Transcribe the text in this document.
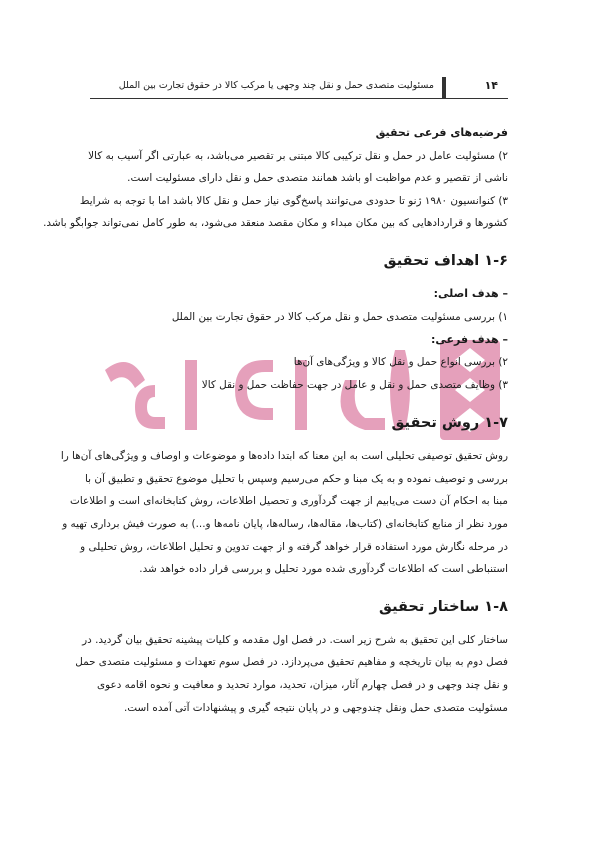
مسئولیت متصدی حمل و نقل چند وجهی یا مرکب کالا در حقوق تجارت بین الملل	۱۴
فرضیه‌های فرعی تحقیق
۲) مسئولیت عامل در حمل و نقل ترکیبی کالا مبتنی بر تقصیر می‌باشد، به عبارتی اگر آسیب به کالا
ناشی از تقصیر و عدم مواظبت او باشد همانند متصدی حمل و نقل دارای مسئولیت است.
۳) کنوانسیون ۱۹۸۰ ژنو تا حدودی می‌توانند پاسخ‌گوی نیاز حمل و نقل کالا باشد اما با توجه به شرایط
کشورها و قراردادهایی که بین مکان مبداء و مکان مقصد منعقد می‌شود، به طور کامل نمی‌تواند جوابگو باشد.
۱-۶ اهداف تحقیق
– هدف اصلی:
۱) بررسی مسئولیت متصدی حمل و نقل مرکب کالا در حقوق تجارت بین الملل
– هدف فرعی:
۲) بررسی انواع حمل و نقل کالا و ویژگی‌های آن‌ها
۳) وظایف متصدی حمل و نقل و عامل در جهت حفاظت حمل و نقل کالا
۱-۷ روش تحقیق
روش تحقیق توصیفی تحلیلی است به این معنا که ابتدا داده‌ها و موضوعات و اوصاف و ویژگی‌های آن‌ها را
بررسی و توصیف نموده و به یک مبنا و حکم می‌رسیم وسپس با تحلیل موضوع تحقیق و تطبیق آن با
مبنا به احکام آن دست می‌یابیم از جهت گردآوری و تحصیل اطلاعات، روش کتابخانه‌ای است و اطلاعات
مورد نظر از منابع کتابخانه‌ای (کتاب‌ها، مقاله‌ها، رساله‌ها، پایان نامه‌ها و...) به صورت فیش برداری تهیه و
در مرحله نگارش مورد استفاده قرار خواهد گرفته و از جهت تدوین و تحلیل اطلاعات، روش تحلیلی و
استنباطی است که اطلاعات گردآوری شده مورد تحلیل و بررسی قرار داده خواهد شد.
۱-۸ ساختار تحقیق
ساختار کلی این تحقیق به شرح زیر است. در فصل اول مقدمه و کلیات پیشینه تحقیق بیان گردید. در
فصل دوم به بیان تاریخچه و مفاهیم تحقیق می‌پردازد. در فصل سوم تعهدات و مسئولیت متصدی حمل
و نقل چند وجهی و در فصل چهارم آثار، میزان، تحدید، موارد تحدید و معافیت و نحوه اقامه دعوی
مسئولیت متصدی حمل ونقل چندوجهی و در پایان نتیجه گیری و پیشنهادات آتی آمده است.
